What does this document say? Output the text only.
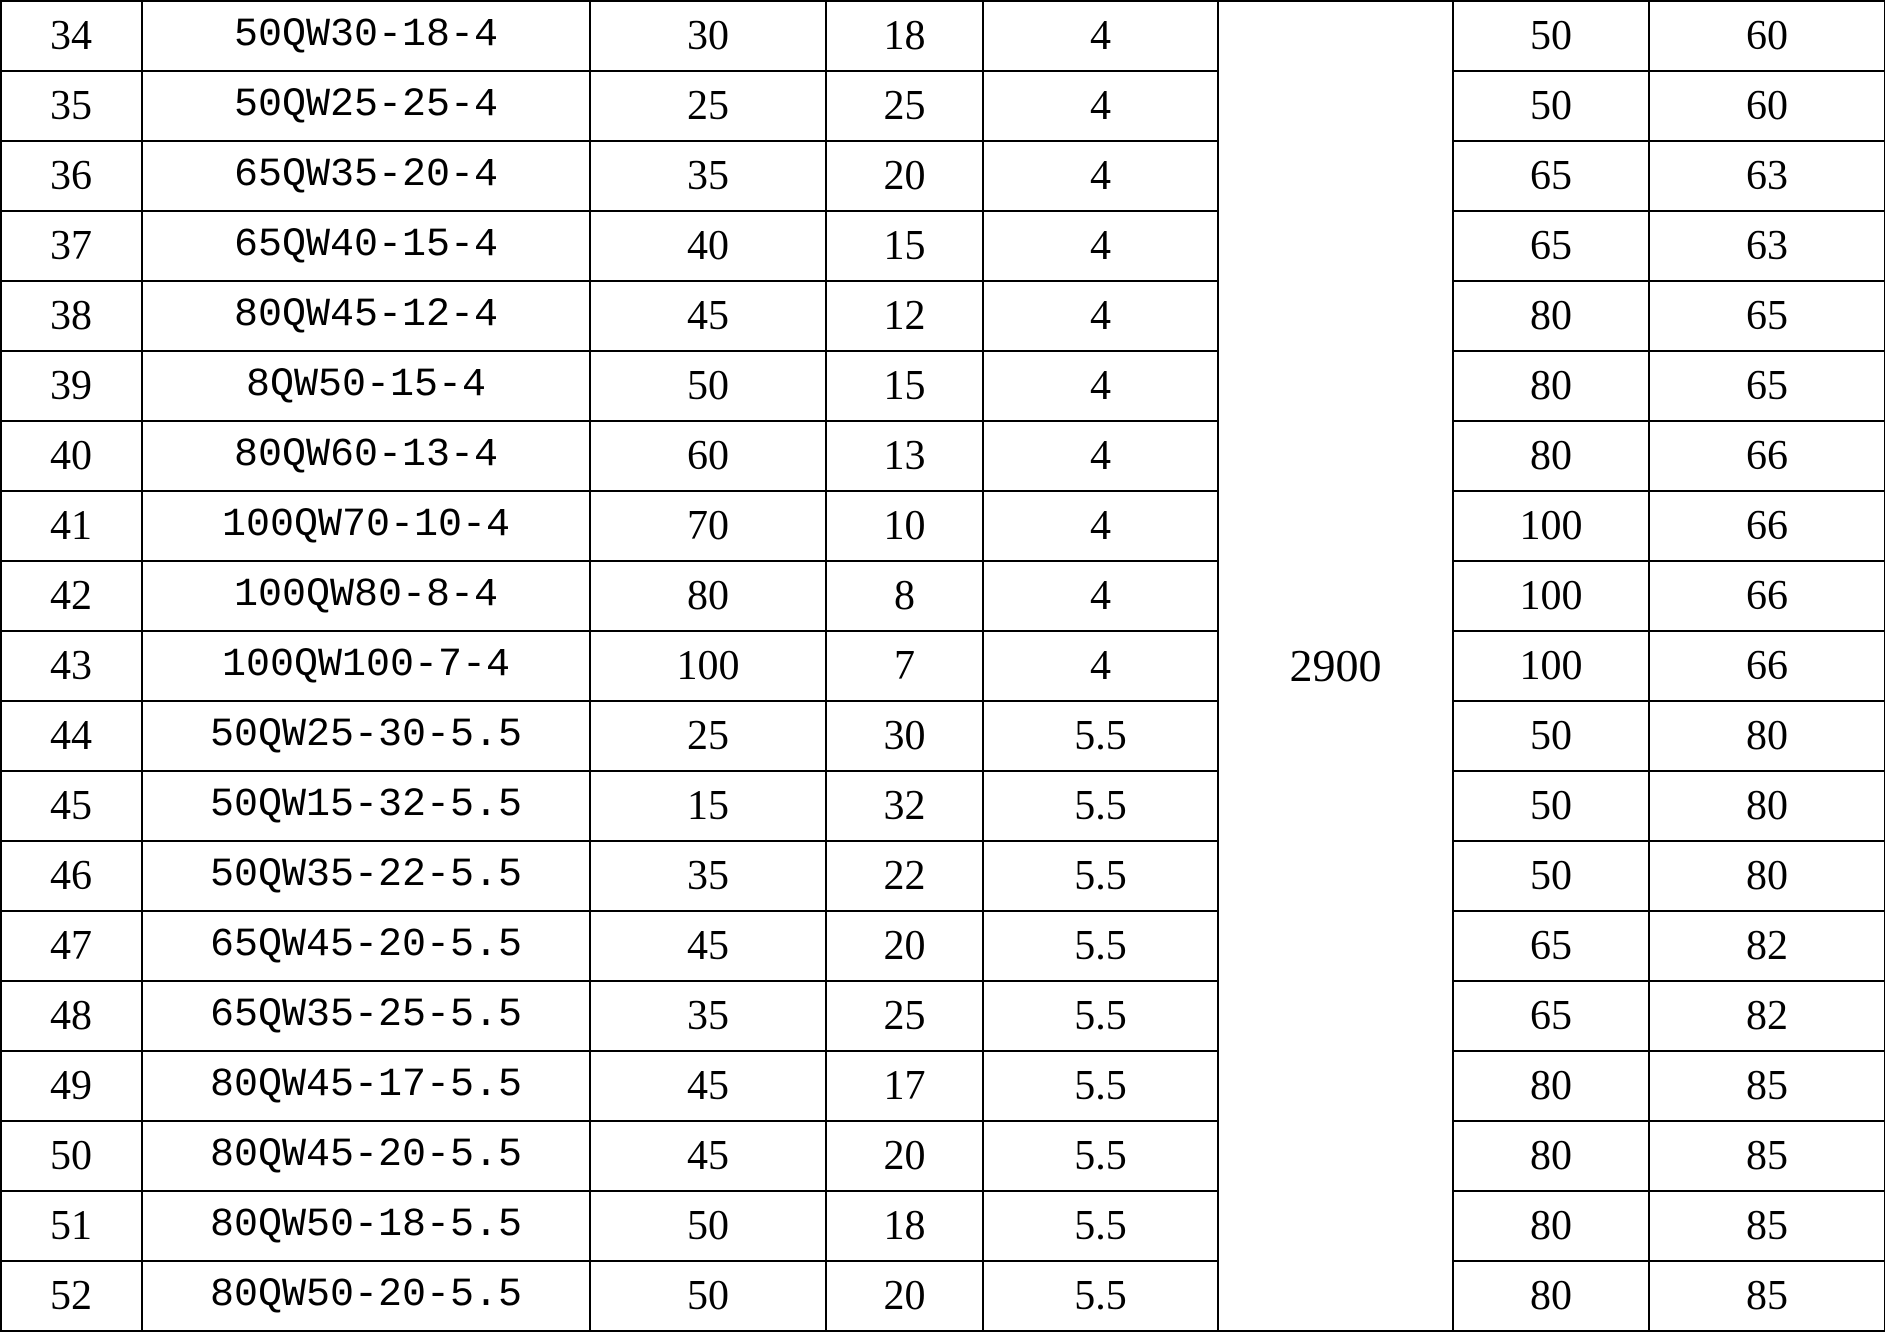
34	50QW30-18-4	30	18	4	2900	50	60
35	50QW25-25-4	25	25	4		50	60
36	65QW35-20-4	35	20	4		65	63
37	65QW40-15-4	40	15	4		65	63
38	80QW45-12-4	45	12	4		80	65
39	8QW50-15-4	50	15	4		80	65
40	80QW60-13-4	60	13	4		80	66
41	100QW70-10-4	70	10	4		100	66
42	100QW80-8-4	80	8	4		100	66
43	100QW100-7-4	100	7	4		100	66
44	50QW25-30-5.5	25	30	5.5		50	80
45	50QW15-32-5.5	15	32	5.5		50	80
46	50QW35-22-5.5	35	22	5.5		50	80
47	65QW45-20-5.5	45	20	5.5		65	82
48	65QW35-25-5.5	35	25	5.5		65	82
49	80QW45-17-5.5	45	17	5.5		80	85
50	80QW45-20-5.5	45	20	5.5		80	85
51	80QW50-18-5.5	50	18	5.5		80	85
52	80QW50-20-5.5	50	20	5.5		80	85
